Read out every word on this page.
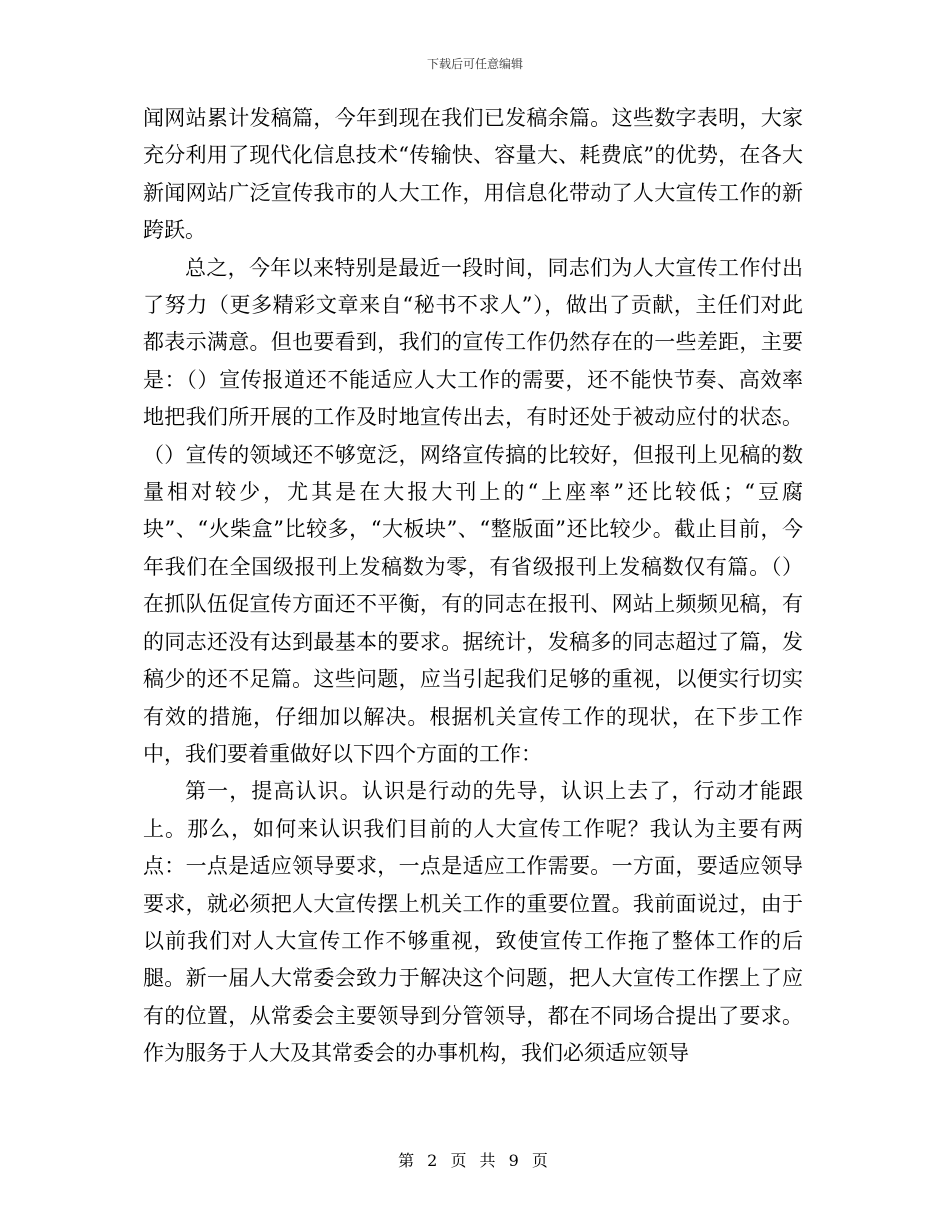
下载后可任意编辑

闻网站累计发稿篇，今年到现在我们已发稿余篇。这些数字表明，大家充分利用了现代化信息技术“传输快、容量大、耗费底”的优势，在各大新闻网站广泛宣传我市的人大工作，用信息化带动了人大宣传工作的新跨跃。

总之，今年以来特别是最近一段时间，同志们为人大宣传工作付出了努力（更多精彩文章来自“秘书不求人”），做出了贡献，主任们对此都表示满意。但也要看到，我们的宣传工作仍然存在的一些差距，主要是：（）宣传报道还不能适应人大工作的需要，还不能快节奏、高效率地把我们所开展的工作及时地宣传出去，有时还处于被动应付的状态。（）宣传的领域还不够宽泛，网络宣传搞的比较好，但报刊上见稿的数量相对较少，尤其是在大报大刊上的“上座率”还比较低；“豆腐块”、“火柴盒”比较多，“大板块”、“整版面”还比较少。截止目前，今年我们在全国级报刊上发稿数为零，有省级报刊上发稿数仅有篇。（）在抓队伍促宣传方面还不平衡，有的同志在报刊、网站上频频见稿，有的同志还没有达到最基本的要求。据统计，发稿多的同志超过了篇，发稿少的还不足篇。这些问题，应当引起我们足够的重视，以便实行切实有效的措施，仔细加以解决。根据机关宣传工作的现状，在下步工作中，我们要着重做好以下四个方面的工作：

第一，提高认识。认识是行动的先导，认识上去了，行动才能跟上。那么，如何来认识我们目前的人大宣传工作呢？我认为主要有两点：一点是适应领导要求，一点是适应工作需要。一方面，要适应领导要求，就必须把人大宣传摆上机关工作的重要位置。我前面说过，由于以前我们对人大宣传工作不够重视，致使宣传工作拖了整体工作的后腿。新一届人大常委会致力于解决这个问题，把人大宣传工作摆上了应有的位置，从常委会主要领导到分管领导，都在不同场合提出了要求。作为服务于人大及其常委会的办事机构，我们必须适应领导

第 2 页 共 9 页
